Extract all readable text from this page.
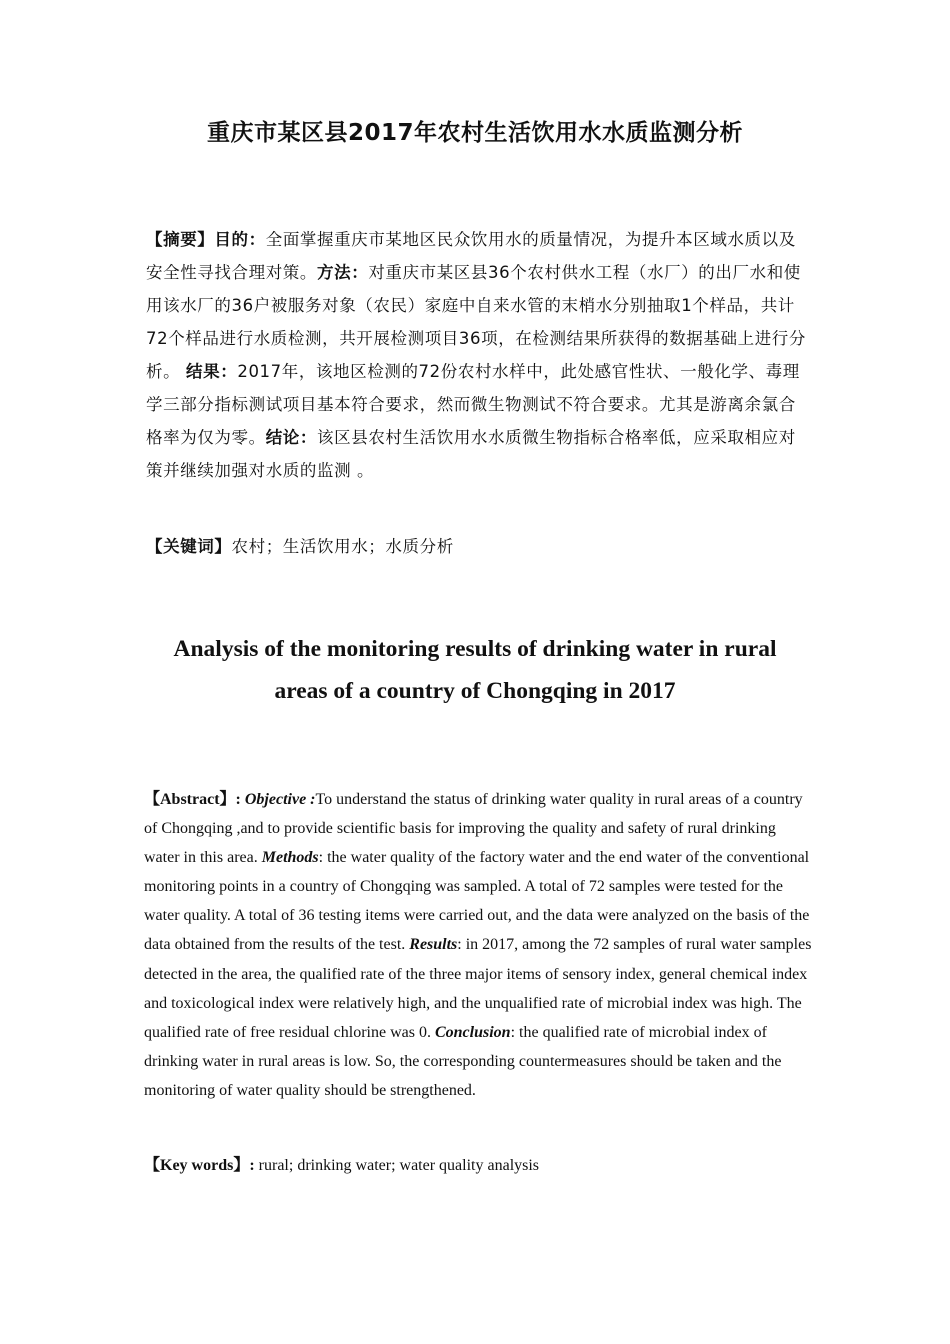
重庆市某区县2017年农村生活饮用水水质监测分析
【摘要】目的：全面掌握重庆市某地区民众饮用水的质量情况，为提升本区域水质以及安全性寻找合理对策。方法：对重庆市某区县36个农村供水工程（水厂）的出厂水和使用该水厂的36户被服务对象（农民）家庭中自来水管的末梢水分别抽取1个样品，共计72个样品进行水质检测，共开展检测项目36项，在检测结果所获得的数据基础上进行分析。 结果：2017年，该地区检测的72份农村水样中，此处感官性状、一般化学、毒理学三部分指标测试项目基本符合要求，然而微生物测试不符合要求。尤其是游离余氯合格率为仅为零。结论：该区县农村生活饮用水水质微生物指标合格率低，应采取相应对策并继续加强对水质的监测 。
【关键词】农村；生活饮用水；水质分析
Analysis of the monitoring results of drinking water in rural
areas of a country of Chongqing in 2017
【Abstract】: Objective :To understand the status of drinking water quality in rural areas of a country of Chongqing ,and to provide scientific basis for improving the quality and safety of rural drinking water in this area. Methods: the water quality of the factory water and the end water of the conventional monitoring points in a country of Chongqing was sampled. A total of 72 samples were tested for the water quality. A total of 36 testing items were carried out, and the data were analyzed on the basis of the data obtained from the results of the test. Results: in 2017, among the 72 samples of rural water samples detected in the area, the qualified rate of the three major items of sensory index, general chemical index and toxicological index were relatively high, and the unqualified rate of microbial index was high. The qualified rate of free residual chlorine was 0. Conclusion: the qualified rate of microbial index of drinking water in rural areas is low. So, the corresponding countermeasures should be taken and the monitoring of water quality should be strengthened.
【Key words】: rural; drinking water; water quality analysis
